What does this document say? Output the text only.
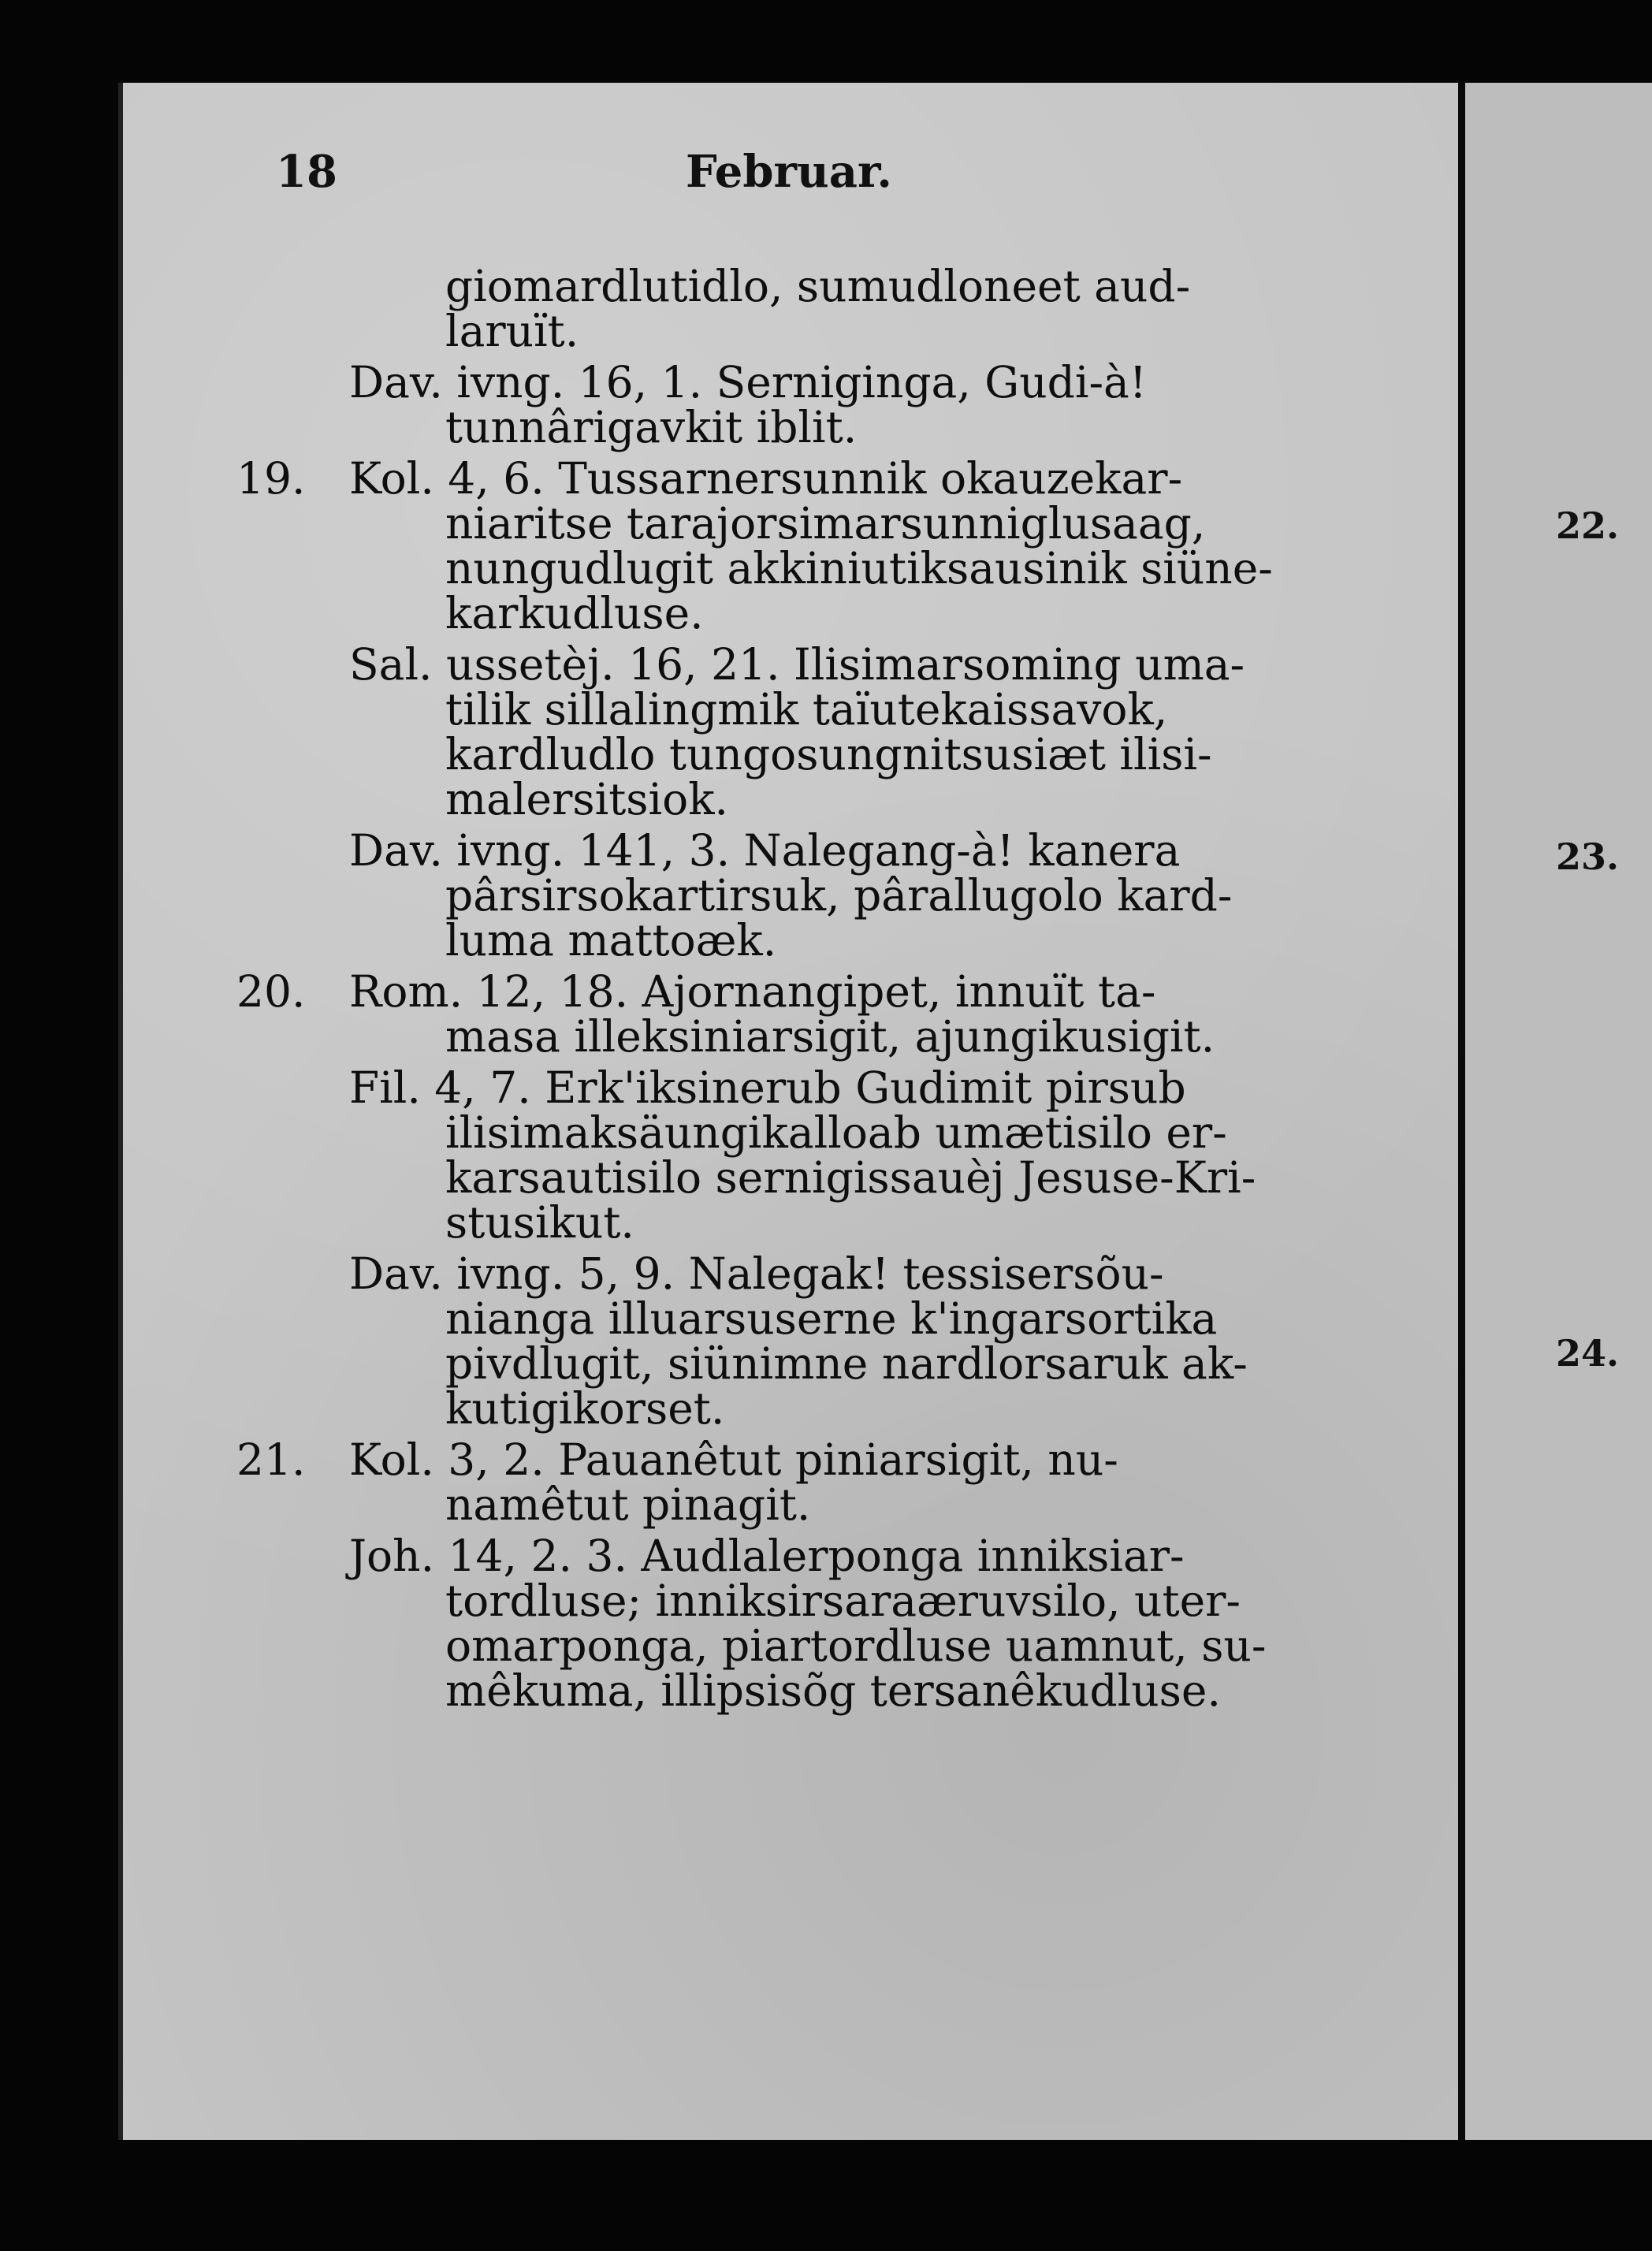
22.
23.
24.
18	Februar.
giomardlutidlo, sumudloneet aud-
laruït.
Dav. ivng. 16, 1. Serniginga, Gudi-à!
tunnârigavkit iblit.
19.	Kol. 4, 6. Tussarnersunnik okauzekar-
niaritse tarajorsimarsunniglusaag,
nungudlugit akkiniutiksausinik siüne-
karkudluse.
Sal. ussetèj. 16, 21. Ilisimarsoming uma-
tilik sillalingmik taïutekaissavok,
kardludlo tungosungnitsusiæt ilisi-
malersitsiok.
Dav. ivng. 141, 3. Nalegang-à! kanera
pârsirsokartirsuk, pârallugolo kard-
luma mattoæk.
20.	Rom. 12, 18. Ajornangipet, innuït ta-
masa illeksiniarsigit, ajungikusigit.
Fil. 4, 7. Erk'iksinerub Gudimit pirsub
ilisimaksäungikalloab umætisilo er-
karsautisilo sernigissauèj Jesuse-Kri-
stusikut.
Dav. ivng. 5, 9. Nalegak! tessisersõu-
nianga illuarsuserne k'ingarsortika
pivdlugit, siünimne nardlorsaruk ak-
kutigikorset.
21.	Kol. 3, 2. Pauanêtut piniarsigit, nu-
namêtut pinagit.
Joh. 14, 2. 3. Audlalerponga inniksiar-
tordluse; inniksirsaraæruvsilo, uter-
omarponga, piartordluse uamnut, su-
mêkuma, illipsisõg tersanêkudluse.
